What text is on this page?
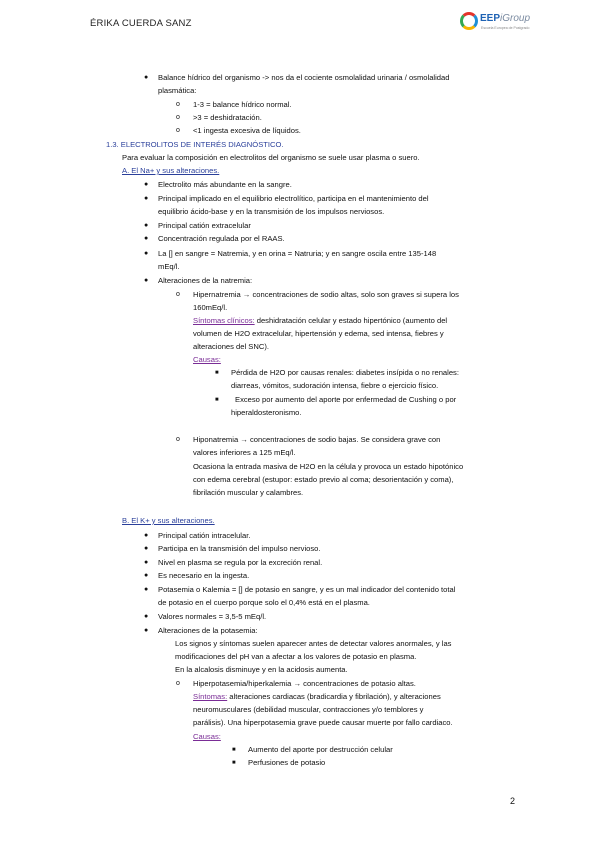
ÉRIKA CUERDA SANZ	EEPiGroup
Escuela Europea de Postgrado
● Balance hídrico del organismo -> nos da el cociente osmolalidad urinaria / osmolalidad
plasmática:
o 1-3 = balance hídrico normal.
o >3 = deshidratación.
o <1 ingesta excesiva de líquidos.
1.3. ELECTROLITOS DE INTERÉS DIAGNÓSTICO.
Para evaluar la composición en electrolitos del organismo se suele usar plasma o suero.
A. El Na+ y sus alteraciones.
● Electrolito más abundante en la sangre.
● Principal implicado en el equilibrio electrolítico, participa en el mantenimiento del
equilibrio ácido-base y en la transmisión de los impulsos nerviosos.
● Principal catión extracelular
● Concentración regulada por el RAAS.
● La [] en sangre = Natremia, y en orina = Natruria; y en sangre oscila entre 135-148
mEq/l.
● Alteraciones de la natremia:
o Hipernatremia → concentraciones de sodio altas, solo son graves si supera los
160mEq/l.
Síntomas clínicos: deshidratación celular y estado hipertónico (aumento del
volumen de H2O extracelular, hipertensión y edema, sed intensa, fiebres y
alteraciones del SNC).
Causas:
■ Pérdida de H2O por causas renales: diabetes insípida o no renales:
diarreas, vómitos, sudoración intensa, fiebre o ejercicio físico.
■ Exceso por aumento del aporte por enfermedad de Cushing o por
hiperaldosteronismo.
o Hiponatremia → concentraciones de sodio bajas. Se considera grave con
valores inferiores a 125 mEq/l.
Ocasiona la entrada masiva de H2O en la célula y provoca un estado hipotónico
con edema cerebral (estupor: estado previo al coma; desorientación y coma),
fibrilación muscular y calambres.
B. El K+ y sus alteraciones.
● Principal catión intracelular.
● Participa en la transmisión del impulso nervioso.
● Nivel en plasma se regula por la excreción renal.
● Es necesario en la ingesta.
● Potasemia o Kalemia = [] de potasio en sangre, y es un mal indicador del contenido total
de potasio en el cuerpo porque solo el 0,4% está en el plasma.
● Valores normales = 3,5-5 mEq/l.
● Alteraciones de la potasemia:
Los signos y síntomas suelen aparecer antes de detectar valores anormales, y las
modificaciones del pH van a afectar a los valores de potasio en plasma.
En la alcalosis disminuye y en la acidosis aumenta.
o Hiperpotasemia/hiperkalemia → concentraciones de potasio altas.
Síntomas: alteraciones cardiacas (bradicardia y fibrilación), y alteraciones
neuromusculares (debilidad muscular, contracciones y/o temblores y
parálisis). Una hiperpotasemia grave puede causar muerte por fallo cardiaco.
Causas:
■ Aumento del aporte por destrucción celular
■ Perfusiones de potasio
2
